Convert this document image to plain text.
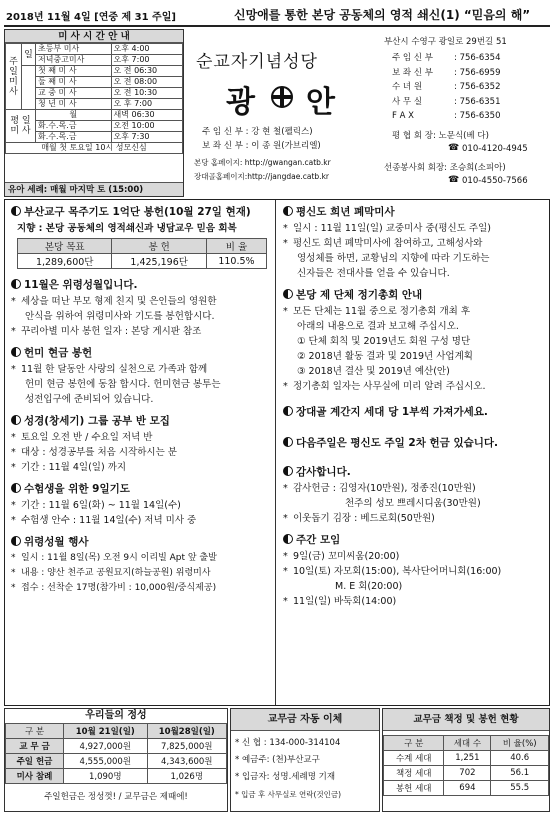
2018년 11월 4일 [연중 제 31 주일]	신망애를 통한 본당 공동체의 영적 쇄신(1) “믿음의 해”
미 사 시 간 안 내
주
일
미
사	일	초등부 미사	오후 4:00
		저녁중고미사	오후 7:00
		첫 째 미 사	오 전 06:30
		둘 째 미 사	오 전 08:00
		교 중 미 사	오 전 10:30
		청 년 미 사	오 후 7:00

평 일
미 사		월	새벽 06:30
		화.수.목.금	오전 10:00
		화.수.목.금	오후 7:30
매월 첫 토요일 10시 성모신심			
유아 세례: 매월 마지막 토 (15:00)
순교자기념성당
광 안
주 임 신 부 : 강 현 철(펠릭스)
보 좌 신 부 : 이 종 원(가브리엘)
본당 홈페이지: http://gwangan.catb.kr
장대골홈페이지:http://jangdae.catb.kr
부산시 수영구 광일로 29번길 51
주 임 신 부 : 756-6354
보 좌 신 부 : 756-6959
수 녀 원	: 756-6352
사 무 실	: 756-6351
F A X	: 756-6350
평 협 회 장: 노문식(베 다)
☎ 010-4120-4945
선종봉사회 회장: 조승희(소피아)
☎ 010-4550-7566
부산교구 목주기도 1억단 봉헌(10월 27일 현재)
지향 : 본당 공동체의 영적쇄신과 냉담교우 믿음 회복
본당 목표	봉 헌	비 율
1,289,600단	1,425,196단	110.5%
11월은 위령성월입니다.
* 세상을 떠난 부모 형제 친지 및 은인들의 영원한
안식을 위하여 위령미사와 기도를 봉헌합시다.
* 꾸리아별 미사 봉헌 일자 : 본당 게시판 참조
헌미 현금 봉헌
* 11월 한 달동안 사랑의 실천으로 가족과 함께
헌미 현금 봉헌에 동참 합시다. 헌미현금 봉투는
성전입구에 준비되어 있습니다.
성경(창세기) 그룹 공부 반 모집
* 토요일 오전 반 / 수요일 저녁 반
* 대상 : 성경공부를 처음 시작하시는 분
* 기간 : 11월 4일(일) 까지
수험생을 위한 9일기도
* 기간 : 11월 6일(화) ~ 11월 14일(수)
* 수험생 안수 : 11월 14일(수) 저녁 미사 중
위령성월 행사
* 일시 : 11월 8일(목) 오전 9시 이리빌 Apt 앞 출발
* 내용 : 양산 천주교 공원묘지(하늘공원) 위령미사
* 접수 : 선착순 17명(참가비 : 10,000원/중식제공)
평신도 희년 폐막미사
* 일시 : 11월 11일(일) 교중미사 중(평신도 주일)
* 평신도 희년 폐막미사에 참여하고, 고해성사와
영성체를 하면, 교황님의 지향에 따라 기도하는
신자들은 전대사를 얻을 수 있습니다.
본당 제 단체 정기총회 안내
* 모든 단체는 11월 중으로 정기총회 개최 후
아래의 내용으로 결과 보고해 주십시오.
① 단체 회칙 및 2019년도 회원 구성 명단
② 2018년 활동 결과 및 2019년 사업계획
③ 2018년 결산 및 2019년 예산(안)
* 정기총회 일자는 사무실에 미리 알려 주십시오.
장대골 계간지 세대 당 1부씩 가져가세요.
다음주일은 평신도 주일 2차 헌금 있습니다.
감사합니다.
* 감사헌금 : 김영자(10만원), 정종진(10만원)
천주의 성모 쁘레시디움(30만원)
* 이웃돕기 김장 : 베드로회(50만원)
주간 모임
* 9일(금) 꼬미씨움(20:00)
* 10일(토) 자모회(15:00), 복사단어머니회(16:00)
M. E 회(20:00)
* 11일(일) 바둑회(14:00)
우리들의 정성
구 분	10월 21일(일)	10월28일(일)
교 무 금	4,927,000원	7,825,000원
주일 헌금	4,555,000원	4,343,600원
미사 참례	1,090명	1,026명
주일헌금은 정성껏! / 교무금은 제때에!
교무금 자동 이체
* 신 협 : 134-000-314104
* 예금주: (천)부산교구
* 입금자: 성명.세례명 기재
* 입금 후 사무실로 연락(것인금)
교무금 책정 및 봉헌 현황
구 분	세대 수	비 율(%)
수계 세대	1,251	40.6
책정 세대	702	56.1
봉헌 세대	694	55.5
